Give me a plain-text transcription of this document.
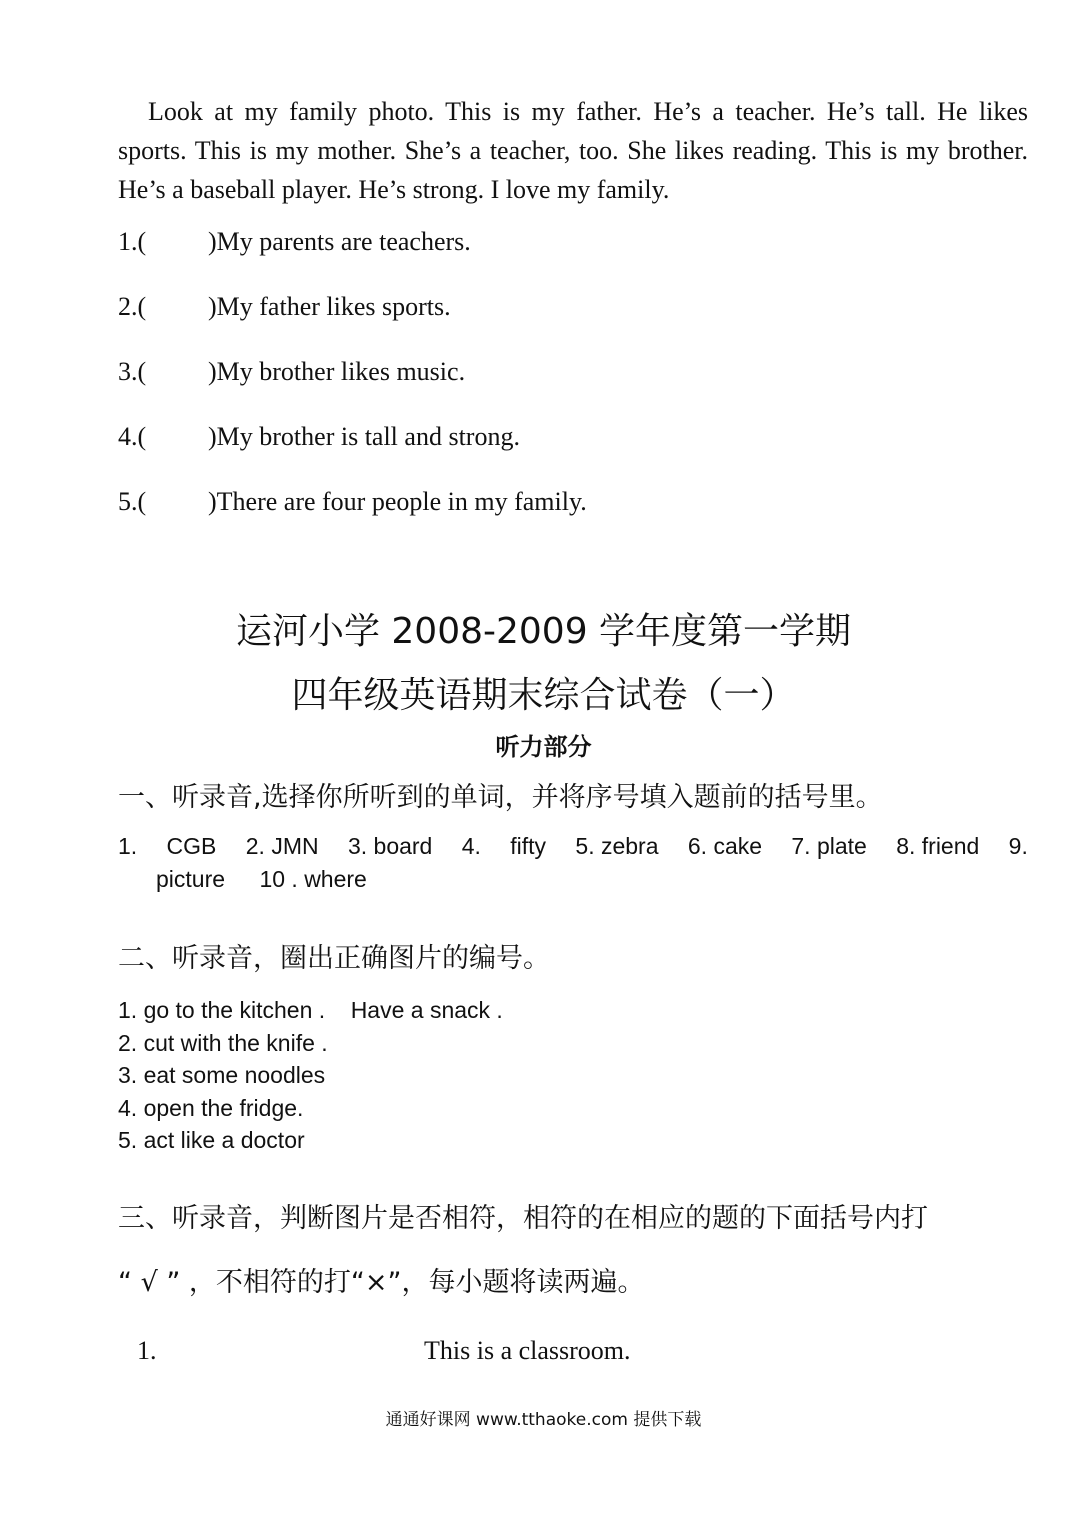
Look at my family photo. This is my father. He’s a teacher. He’s tall. He likes sports. This is my mother. She’s a teacher, too. She likes reading. This is my brother. He’s a baseball player. He’s strong. I love my family.

1.( )My parents are teachers.

2.( )My father likes sports.

3.( )My brother likes music.

4.( )My brother is tall and strong.

5.( )There are four people in my family.

运河小学 2008-2009 学年度第一学期
四年级英语期末综合试卷（一）
听力部分
一、听录音,选择你所听到的单词，并将序号填入题前的括号里。
1. CGB 2. JMN 3. board 4. fifty 5. zebra 6. cake 7. plate 8. friend 9.
picture 10 . where
二、听录音，圈出正确图片的编号。
1. go to the kitchen .    Have a snack .
2. cut with the knife .
3. eat some noodles
4. open the fridge.
5. act like a doctor
三、听录音，判断图片是否相符，相符的在相应的题的下面括号内打

“ √ ” ，不相符的打“×”，每小题将读两遍。

1.	This is a classroom.

通通好课网 www.tthaoke.com 提供下载
